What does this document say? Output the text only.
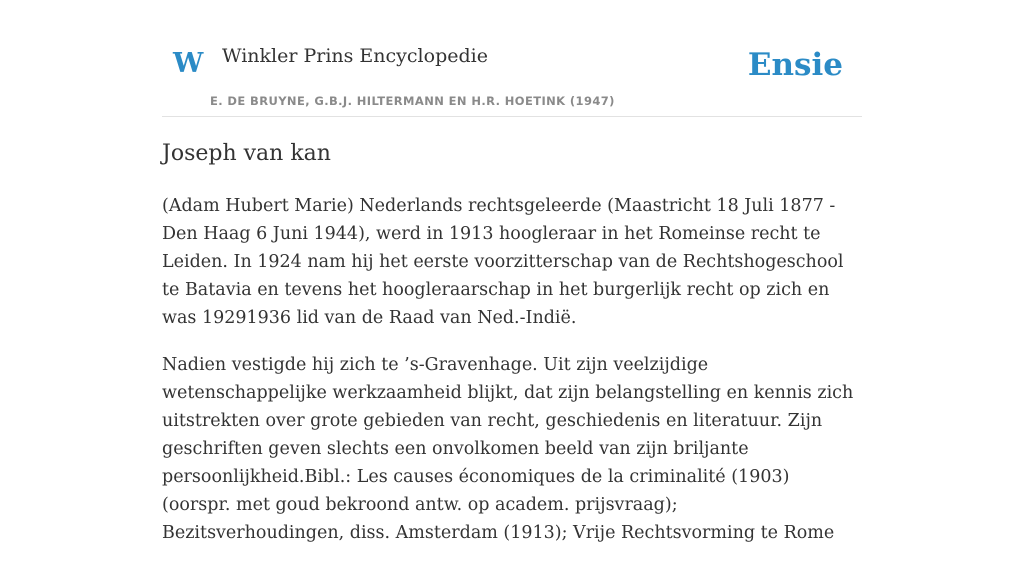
W Winkler Prins Encyclopedie
E. DE BRUYNE, G.B.J. HILTERMANN EN H.R. HOETINK (1947)
Ensie
Joseph van kan

(Adam Hubert Marie) Nederlands rechtsgeleerde (Maastricht 18 Juli 1877 - Den Haag 6 Juni 1944), werd in 1913 hoogleraar in het Romeinse recht te Leiden. In 1924 nam hij het eerste voorzitterschap van de Rechtshogeschool te Batavia en tevens het hoogleraarschap in het burgerlijk recht op zich en was 19291936 lid van de Raad van Ned.-Indië.

Nadien vestigde hij zich te ’s-Gravenhage. Uit zijn veelzijdige wetenschappelijke werkzaamheid blijkt, dat zijn belangstelling en kennis zich uitstrekten over grote gebieden van recht, geschiedenis en literatuur. Zijn geschriften geven slechts een onvolkomen beeld van zijn briljante persoonlijkheid.Bibl.: Les causes économiques de la criminalité (1903) (oorspr. met goud bekroond antw. op academ. prijsvraag); Bezitsverhoudingen, diss. Amsterdam (1913); Vrije Rechtsvorming te Rome
